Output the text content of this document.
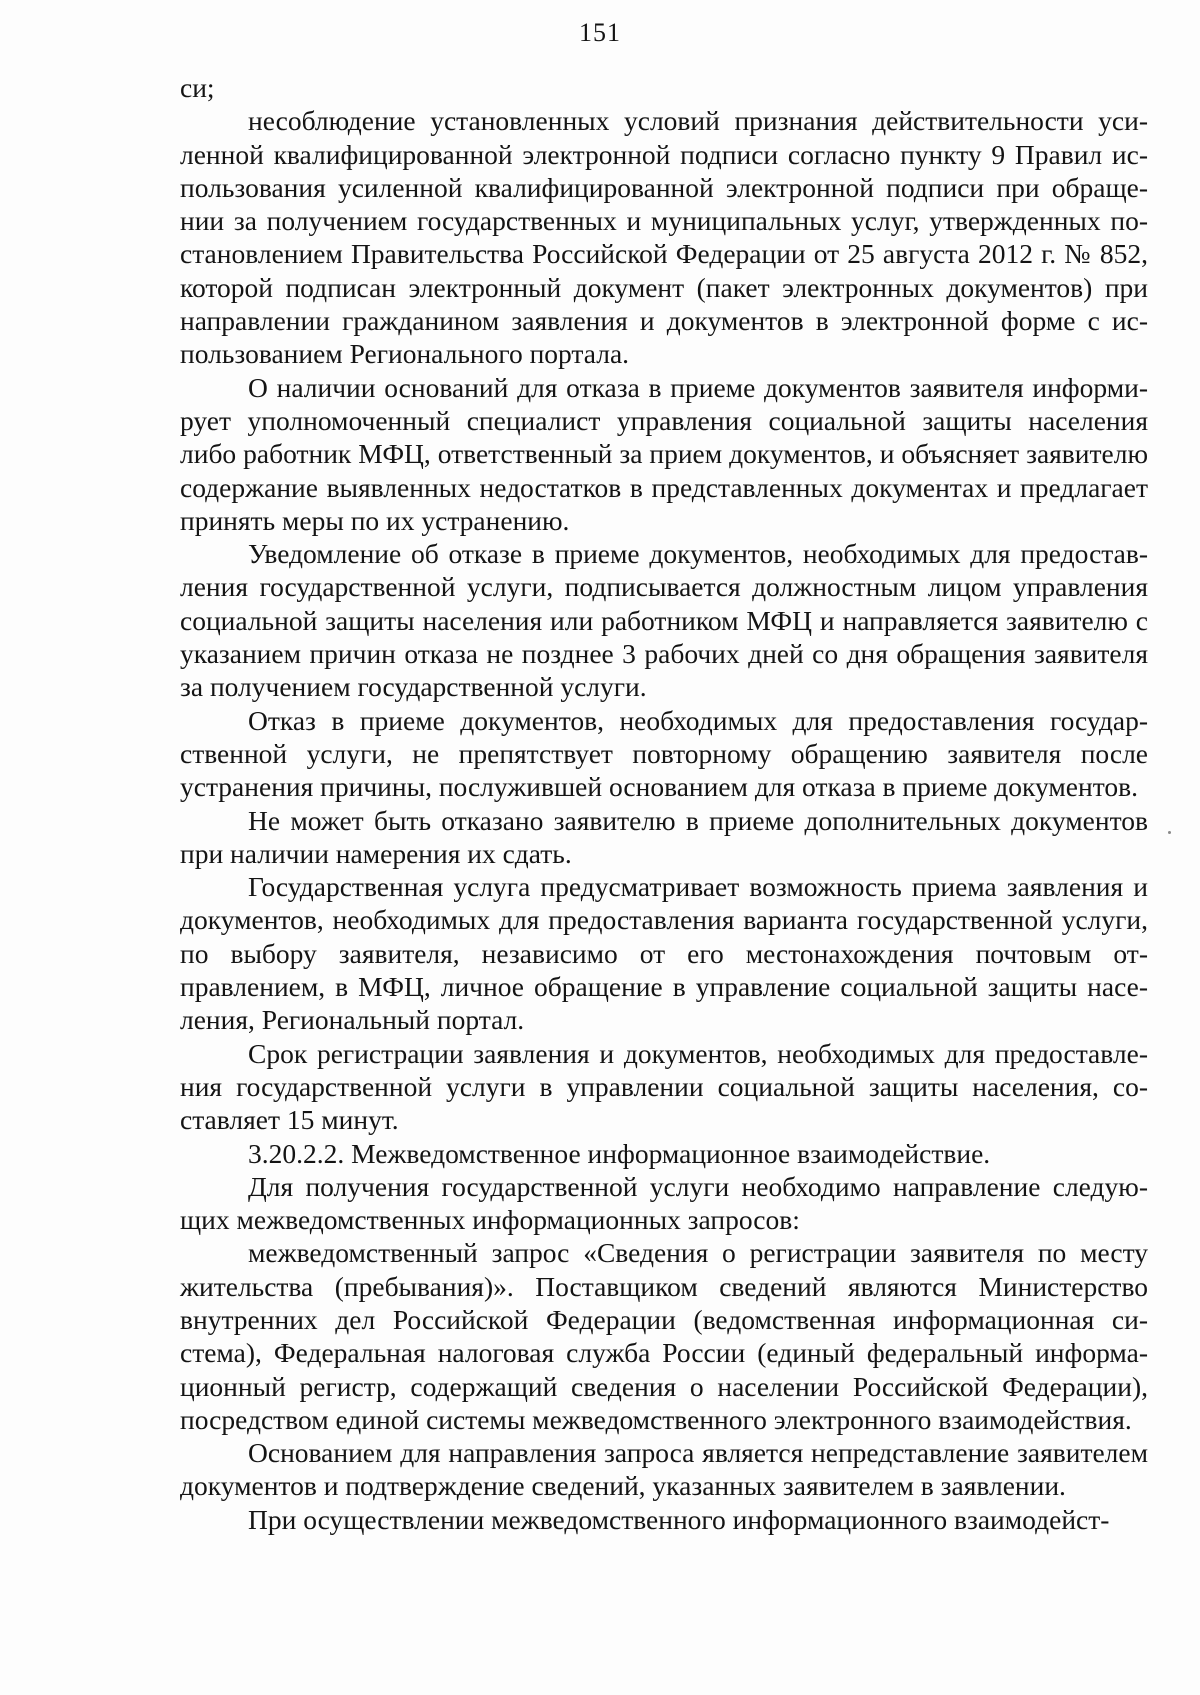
151

си;

несоблюдение установленных условий признания действительности усиленной квалифицированной электронной подписи согласно пункту 9 Правил использования усиленной квалифицированной электронной подписи при обращении за получением государственных и муниципальных услуг, утвержденных постановлением Правительства Российской Федерации от 25 августа 2012 г. № 852, которой подписан электронный документ (пакет электронных документов) при направлении гражданином заявления и документов в электронной форме с использованием Регионального портала.

О наличии оснований для отказа в приеме документов заявителя информирует уполномоченный специалист управления социальной защиты населения либо работник МФЦ, ответственный за прием документов, и объясняет заявителю содержание выявленных недостатков в представленных документах и предлагает принять меры по их устранению.

Уведомление об отказе в приеме документов, необходимых для предоставления государственной услуги, подписывается должностным лицом управления социальной защиты населения или работником МФЦ и направляется заявителю с указанием причин отказа не позднее 3 рабочих дней со дня обращения заявителя за получением государственной услуги.

Отказ в приеме документов, необходимых для предоставления государственной услуги, не препятствует повторному обращению заявителя после устранения причины, послужившей основанием для отказа в приеме документов.

Не может быть отказано заявителю в приеме дополнительных документов при наличии намерения их сдать.

Государственная услуга предусматривает возможность приема заявления и документов, необходимых для предоставления варианта государственной услуги, по выбору заявителя, независимо от его местонахождения почтовым отправлением, в МФЦ, личное обращение в управление социальной защиты населения, Региональный портал.

Срок регистрации заявления и документов, необходимых для предоставления государственной услуги в управлении социальной защиты населения, составляет 15 минут.

3.20.2.2. Межведомственное информационное взаимодействие.

Для получения государственной услуги необходимо направление следующих межведомственных информационных запросов:

межведомственный запрос «Сведения о регистрации заявителя по месту жительства (пребывания)». Поставщиком сведений являются Министерство внутренних дел Российской Федерации (ведомственная информационная система), Федеральная налоговая служба России (единый федеральный информационный регистр, содержащий сведения о населении Российской Федерации), посредством единой системы межведомственного электронного взаимодействия.

Основанием для направления запроса является непредставление заявителем документов и подтверждение сведений, указанных заявителем в заявлении.

При осуществлении межведомственного информационного взаимодейст-
